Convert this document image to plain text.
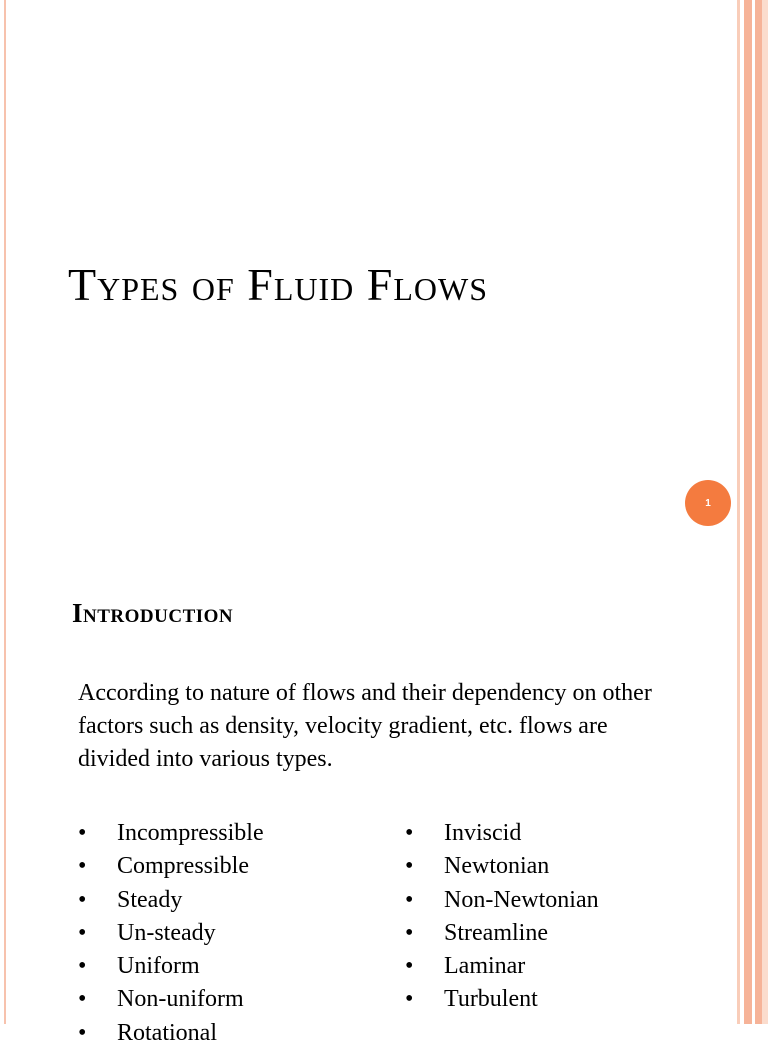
Types of Fluid Flows
1
Introduction

According to nature of flows and their dependency on other factors such as density, velocity gradient, etc. flows are divided into various types.

•	Incompressible
•	Compressible
•	Steady
•	Un-steady
•	Uniform
•	Non-uniform
•	Rotational
•	Inviscid
•	Newtonian
•	Non-Newtonian
•	Streamline
•	Laminar
•	Turbulent
